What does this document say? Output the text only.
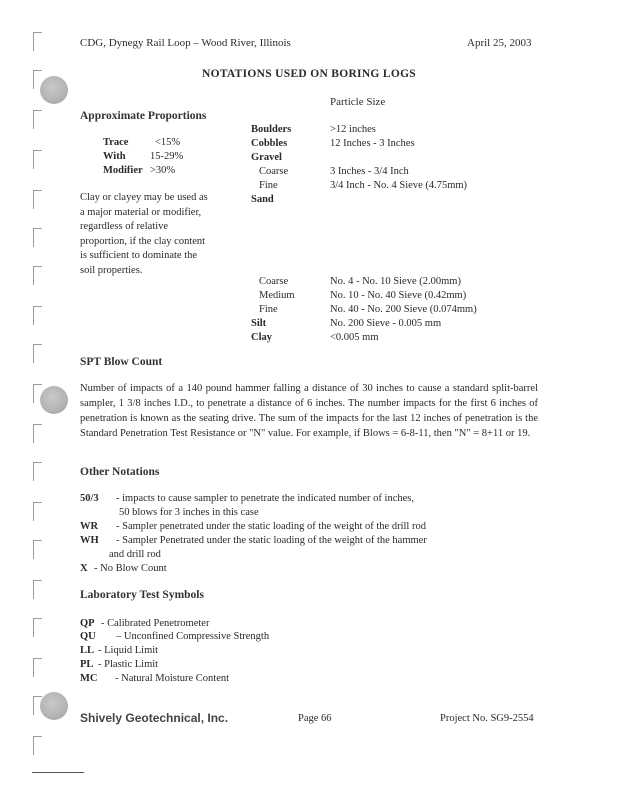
CDG, Dynegy Rail Loop – Wood River, Illinois	April 25, 2003
NOTATIONS USED ON BORING LOGS
Approximate Proportions
Trace	<15%
With 15-29%
Modifier >30%
Clay or clayey may be used as
a major material or modifier,
regardless of relative
proportion, if the clay content
is sufficient to dominate the
soil properties.
Particle Size
Boulders	>12 inches
Cobbles	12 Inches - 3 Inches
Gravel
Coarse	3 Inches - 3/4 Inch
Fine	3/4 Inch - No. 4 Sieve (4.75mm)
Sand
Coarse	No. 4 - No. 10 Sieve (2.00mm)
Medium	No. 10 - No. 40 Sieve (0.42mm)
Fine	No. 40 - No. 200 Sieve (0.074mm)
Silt	No. 200 Sieve - 0.005 mm
Clay	<0.005 mm
SPT Blow Count
Number of impacts of a 140 pound hammer falling a distance of 30 inches to cause a standard split-barrel sampler, 1 3/8 inches I.D., to penetrate a distance of 6 inches. The number impacts for the first 6 inches of penetration is known as the seating drive. The sum of the impacts for the last 12 inches of penetration is the Standard Penetration Test Resistance or "N" value. For example, if Blows = 6-8-11, then "N" = 8+11 or 19.
Other Notations
50/3 - impacts to cause sampler to penetrate the indicated number of inches,
50 blows for 3 inches in this case
WR - Sampler penetrated under the static loading of the weight of the drill rod
WH - Sampler Penetrated under the static loading of the weight of the hammer
and drill rod
X - No Blow Count
Laboratory Test Symbols
QP - Calibrated Penetrometer
QU – Unconfined Compressive Strength
LL - Liquid Limit
PL - Plastic Limit
MC - Natural Moisture Content
Shively Geotechnical, Inc.	Page 66	Project No. SG9-2554
